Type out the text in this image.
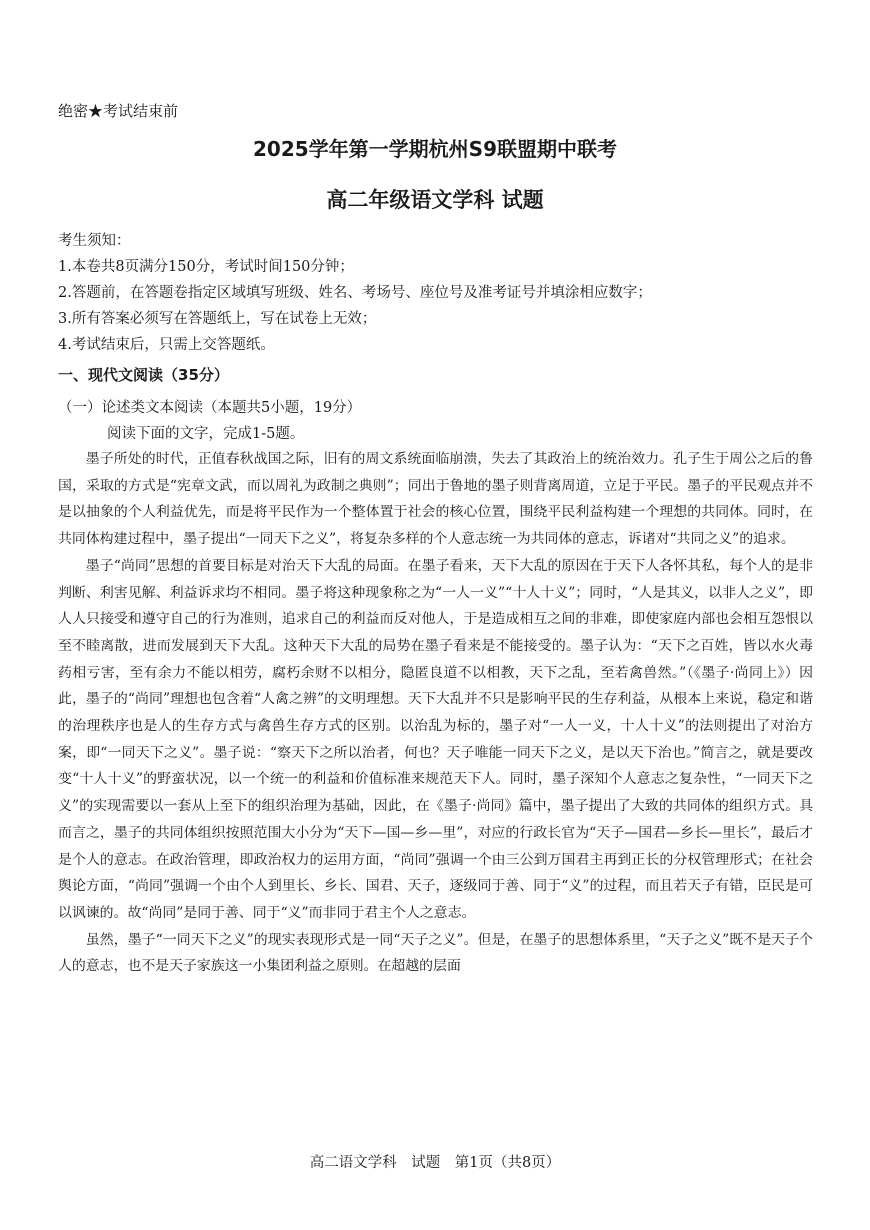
绝密★考试结束前
2025学年第一学期杭州S9联盟期中联考
高二年级语文学科 试题
考生须知：
1.本卷共8页满分150分，考试时间150分钟；
2.答题前，在答题卷指定区域填写班级、姓名、考场号、座位号及准考证号并填涂相应数字；
3.所有答案必须写在答题纸上，写在试卷上无效；
4.考试结束后，只需上交答题纸。
一、现代文阅读（35分）
（一）论述类文本阅读（本题共5小题，19分）
阅读下面的文字，完成1-5题。

墨子所处的时代，正值春秋战国之际，旧有的周文系统面临崩溃，失去了其政治上的统治效力。孔子生于周公之后的鲁国，采取的方式是“宪章文武，而以周礼为政制之典则”；同出于鲁地的墨子则背离周道，立足于平民。墨子的平民观点并不是以抽象的个人利益优先，而是将平民作为一个整体置于社会的核心位置，围绕平民利益构建一个理想的共同体。同时，在共同体构建过程中，墨子提出“一同天下之义”，将复杂多样的个人意志统一为共同体的意志，诉诸对“共同之义”的追求。

墨子“尚同”思想的首要目标是对治天下大乱的局面。在墨子看来，天下大乱的原因在于天下人各怀其私，每个人的是非判断、利害见解、利益诉求均不相同。墨子将这种现象称之为“一人一义”“十人十义”；同时，“人是其义，以非人之义”，即人人只接受和遵守自己的行为准则，追求自己的利益而反对他人，于是造成相互之间的非难，即使家庭内部也会相互怨恨以至不睦离散，进而发展到天下大乱。这种天下大乱的局势在墨子看来是不能接受的。墨子认为：“天下之百姓，皆以水火毒药相亏害，至有余力不能以相劳，腐朽余财不以相分，隐匿良道不以相教，天下之乱，至若禽兽然。”（《墨子·尚同上》）因此，墨子的“尚同”理想也包含着“人禽之辨”的文明理想。天下大乱并不只是影响平民的生存利益，从根本上来说，稳定和谐的治理秩序也是人的生存方式与禽兽生存方式的区别。以治乱为标的，墨子对“一人一义，十人十义”的法则提出了对治方案，即“一同天下之义”。墨子说：“察天下之所以治者，何也？天子唯能一同天下之义，是以天下治也。”简言之，就是要改变“十人十义”的野蛮状况，以一个统一的利益和价值标准来规范天下人。同时，墨子深知个人意志之复杂性，“一同天下之义”的实现需要以一套从上至下的组织治理为基础，因此，在《墨子·尚同》篇中，墨子提出了大致的共同体的组织方式。具而言之，墨子的共同体组织按照范围大小分为“天下—国—乡—里”，对应的行政长官为“天子—国君—乡长—里长”，最后才是个人的意志。在政治管理，即政治权力的运用方面，“尚同”强调一个由三公到万国君主再到正长的分权管理形式；在社会舆论方面，“尚同”强调一个由个人到里长、乡长、国君、天子，逐级同于善、同于“义”的过程，而且若天子有错，臣民是可以讽谏的。故“尚同”是同于善、同于“义”而非同于君主个人之意志。

虽然，墨子“一同天下之义”的现实表现形式是一同“天子之义”。但是，在墨子的思想体系里，“天子之义”既不是天子个人的意志，也不是天子家族这一小集团利益之原则。在超越的层面

高二语文学科　试题　第1页（共8页）
